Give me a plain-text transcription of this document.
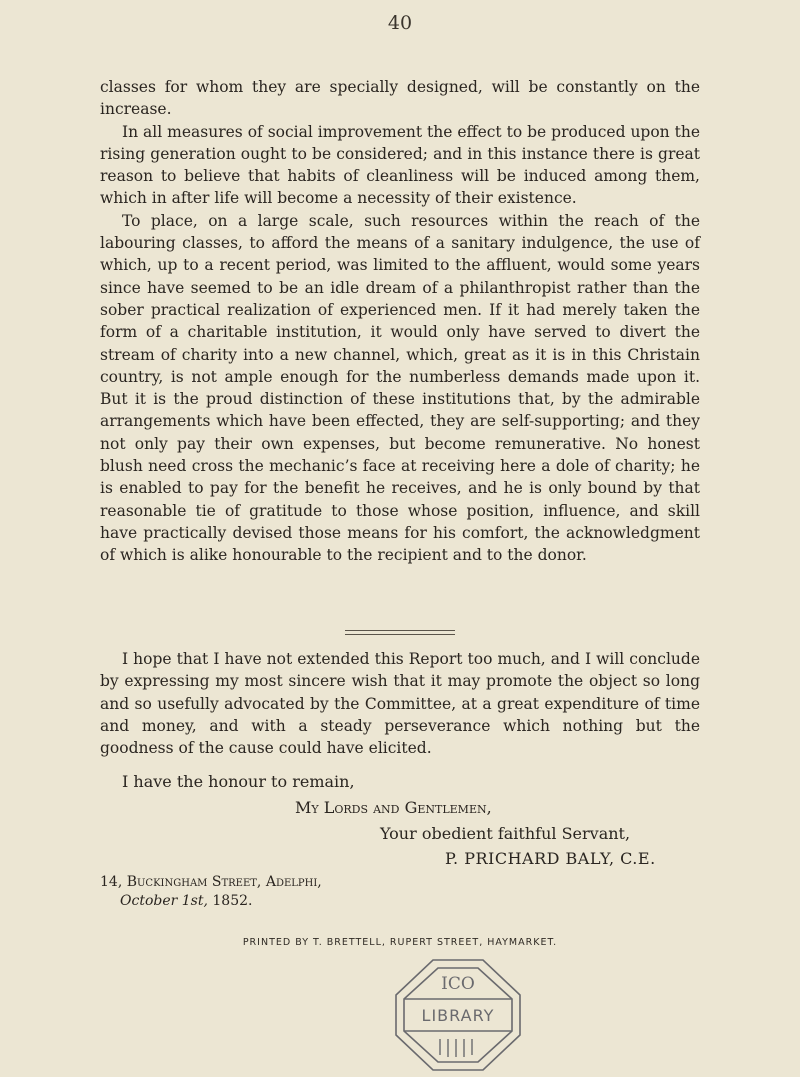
40

classes for whom they are specially designed, will be constantly on the increase.

In all measures of social improvement the effect to be produced upon the rising generation ought to be considered; and in this instance there is great reason to believe that habits of cleanliness will be induced among them, which in after life will become a necessity of their existence.

To place, on a large scale, such resources within the reach of the labouring classes, to afford the means of a sanitary indulgence, the use of which, up to a recent period, was limited to the affluent, would some years since have seemed to be an idle dream of a philanthropist rather than the sober practical realization of experienced men. If it had merely taken the form of a charitable institution, it would only have served to divert the stream of charity into a new channel, which, great as it is in this Christain country, is not ample enough for the numberless demands made upon it. But it is the proud distinction of these institutions that, by the admirable arrangements which have been effected, they are self-supporting; and they not only pay their own expenses, but become remunerative. No honest blush need cross the mechanic’s face at receiving here a dole of charity; he is enabled to pay for the benefit he receives, and he is only bound by that reasonable tie of gratitude to those whose position, influence, and skill have practically devised those means for his comfort, the acknowledgment of which is alike honourable to the recipient and to the donor.

I hope that I have not extended this Report too much, and I will conclude by expressing my most sincere wish that it may promote the object so long and so usefully advocated by the Committee, at a great expenditure of time and money, and with a steady perseverance which nothing but the goodness of the cause could have elicited.

I have the honour to remain,
My Lords and Gentlemen,
Your obedient faithful Servant,
P. PRICHARD BALY, C.E.
14, Buckingham Street, Adelphi,
October 1st, 1852.
PRINTED BY T. BRETTELL, RUPERT STREET, HAYMARKET.
ICO
LIBRARY
